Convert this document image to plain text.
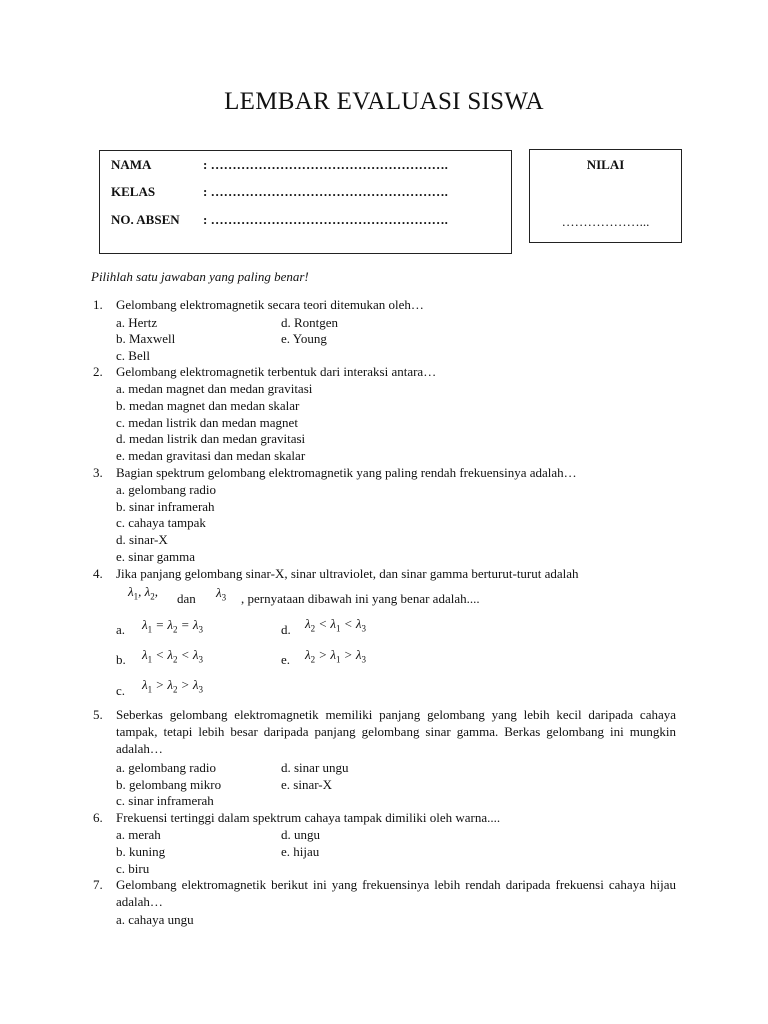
LEMBAR EVALUASI SISWA
NAMA	: ……………………………………………….
KELAS	: ……………………………………………….
NO. ABSEN : ……………………………………………….
NILAI
………………...
Pilihlah satu jawaban yang paling benar!
1. Gelombang elektromagnetik secara teori ditemukan oleh…
a. Hertz
b. Maxwell
c. Bell
d. Rontgen
e. Young
2. Gelombang elektromagnetik terbentuk dari interaksi antara…
a. medan magnet dan medan gravitasi
b. medan magnet dan medan skalar
c. medan listrik dan medan magnet
d. medan listrik dan medan gravitasi
e. medan gravitasi dan medan skalar
3. Bagian spektrum gelombang elektromagnetik yang paling rendah frekuensinya adalah…
a. gelombang radio
b. sinar inframerah
c. cahaya tampak
d. sinar-X
e. sinar gamma
4. Jika panjang gelombang sinar-X, sinar ultraviolet, dan sinar gamma berturut-turut adalah
$\lambda_1$, $\lambda_2$, dan $\lambda_3$ , pernyataan dibawah ini yang benar adalah....
a. $\lambda_1 = \lambda_2 = \lambda_3$
b. $\lambda_1 < \lambda_2 < \lambda_3$
c. $\lambda_1 > \lambda_2 > \lambda_3$
d. $\lambda_2 < \lambda_1 < \lambda_3$
e. $\lambda_2 > \lambda_1 > \lambda_3$
5. Seberkas gelombang elektromagnetik memiliki panjang gelombang yang lebih kecil daripada cahaya tampak, tetapi lebih besar daripada panjang gelombang sinar gamma. Berkas gelombang ini mungkin adalah…
a. gelombang radio
b. gelombang mikro
c. sinar inframerah
d. sinar ungu
e. sinar-X
6. Frekuensi tertinggi dalam spektrum cahaya tampak dimiliki oleh warna....
a. merah
b. kuning
c. biru
d. ungu
e. hijau
7. Gelombang elektromagnetik berikut ini yang frekuensinya lebih rendah daripada frekuensi cahaya hijau adalah…
a. cahaya ungu
